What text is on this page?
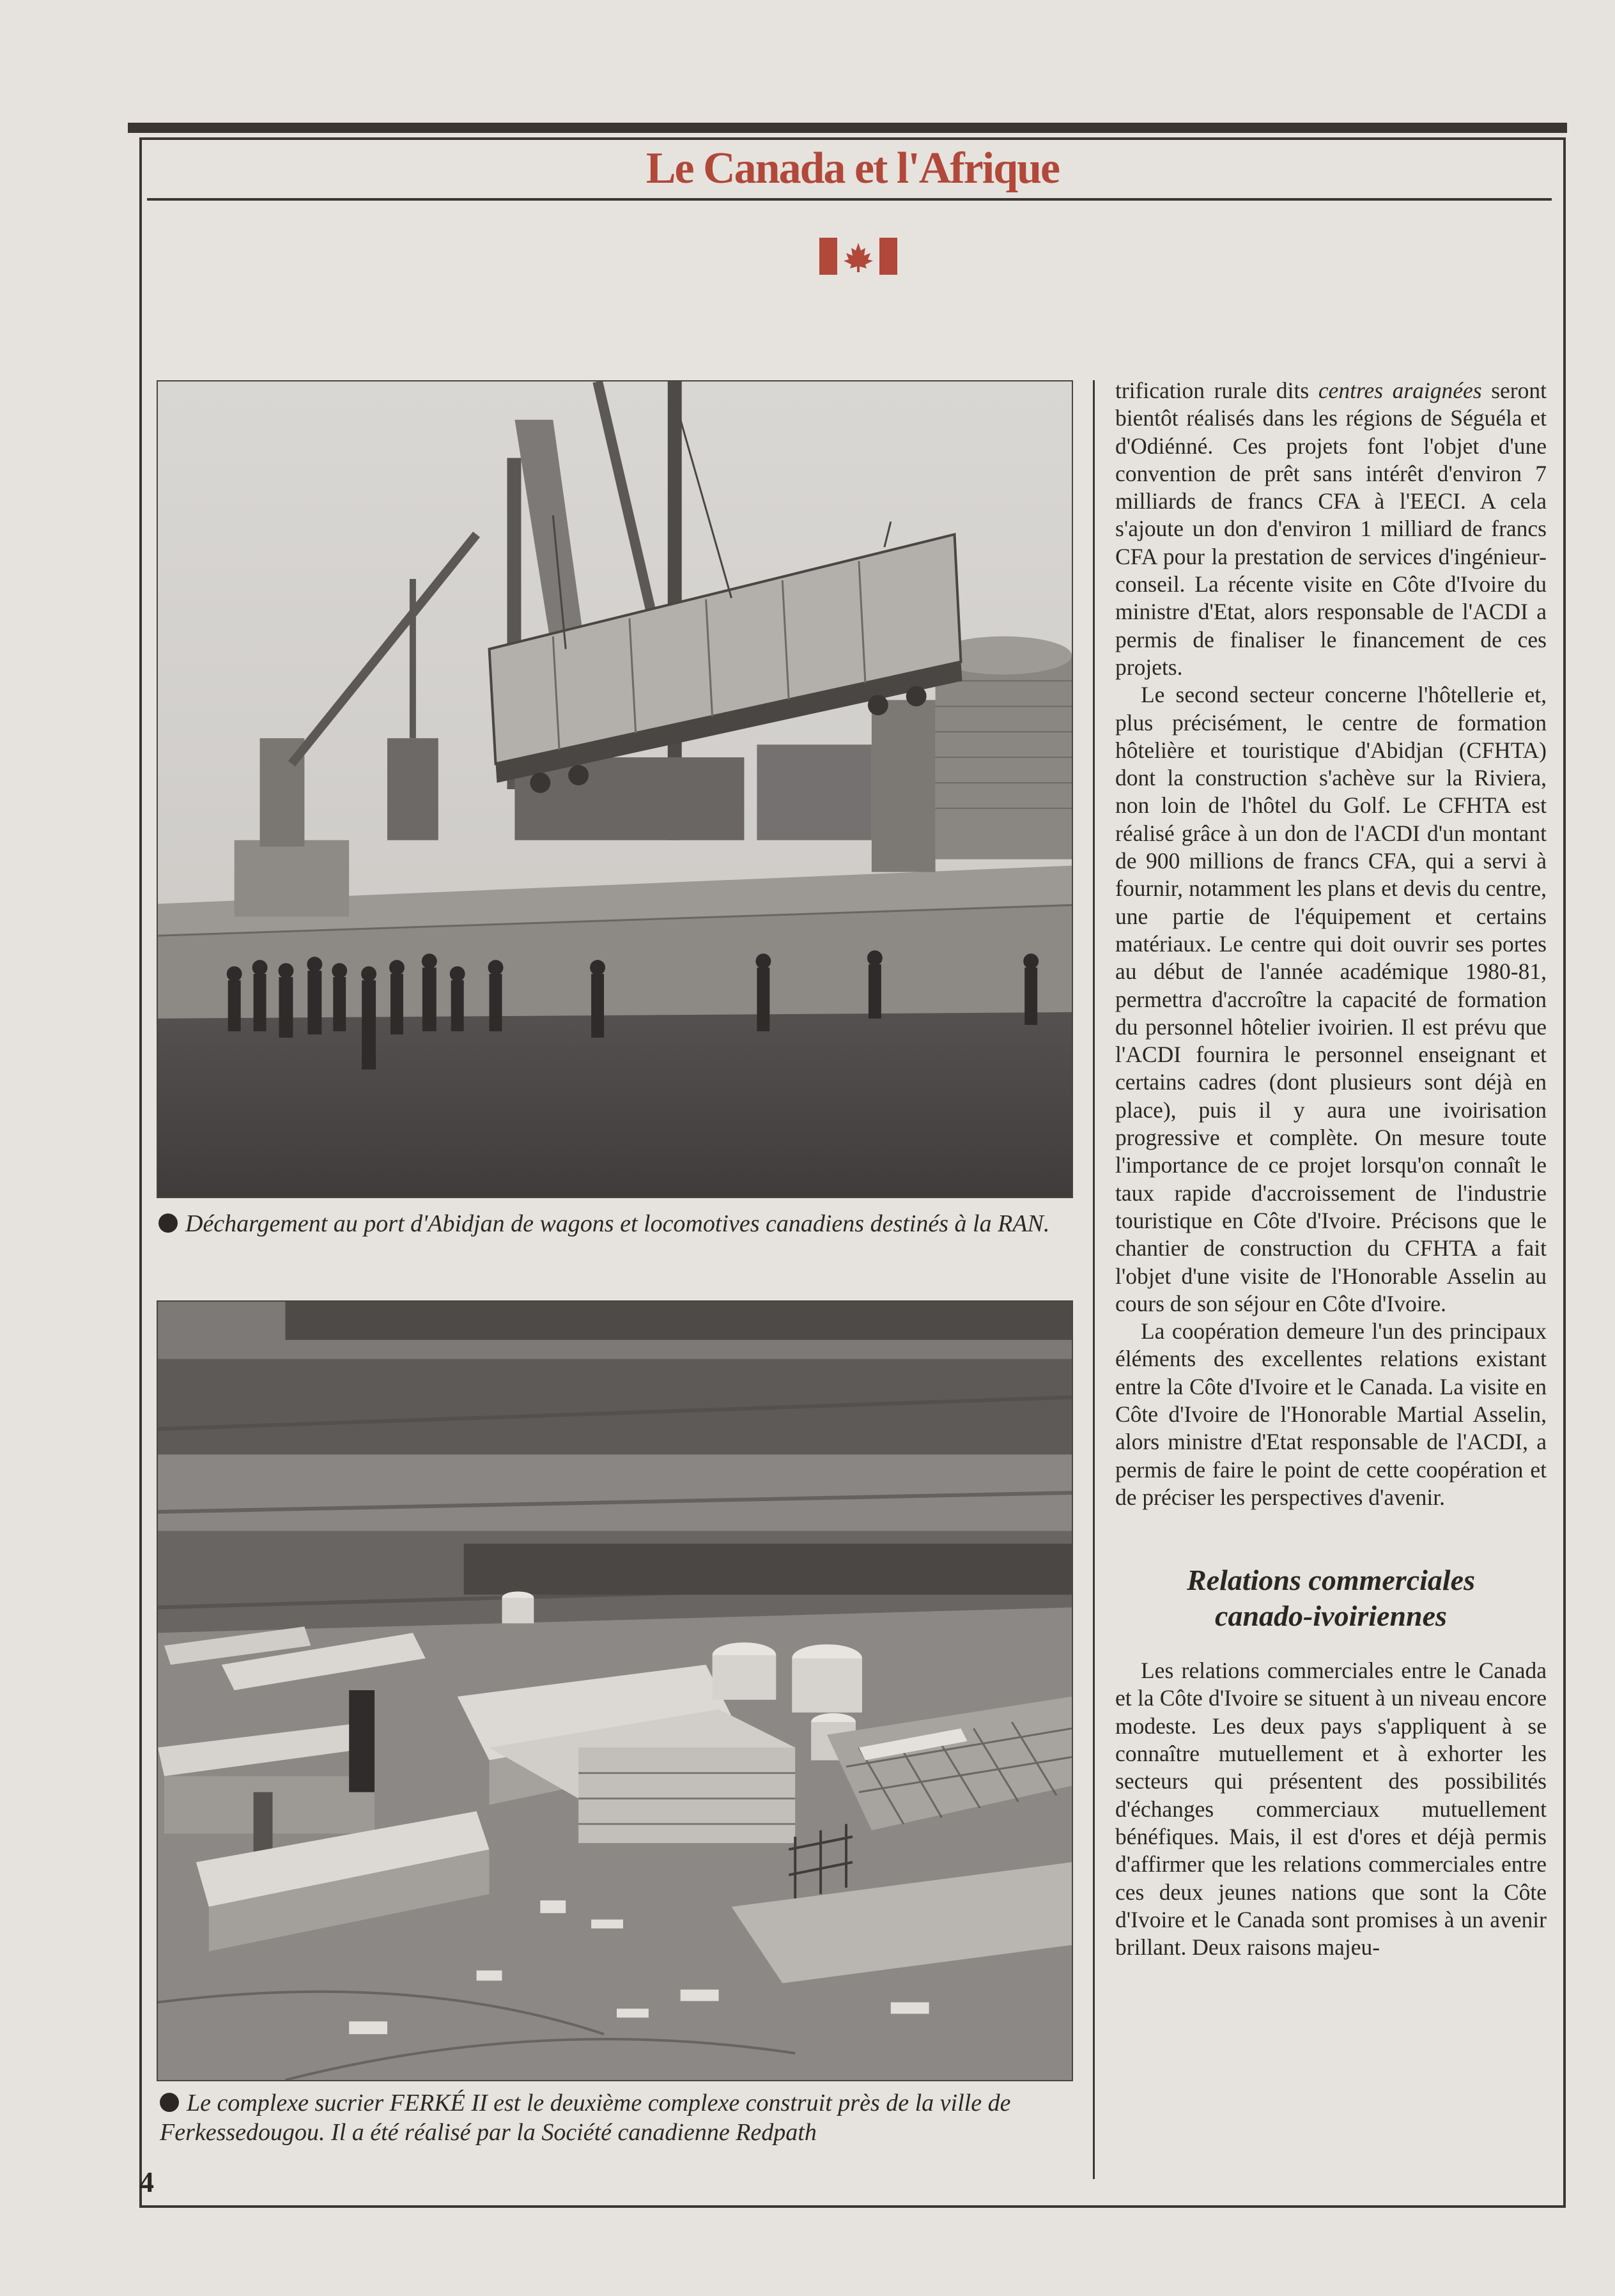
Le Canada et l'Afrique
Déchargement au port d'Abidjan de wagons et locomotives canadiens destinés à la RAN.
Le complexe sucrier FERKÉ II est le deuxième complexe construit près de la ville de Ferkessedougou. Il a été réalisé par la Société canadienne Redpath

trification rurale dits centres araignées seront bientôt réalisés dans les régions de Séguéla et d'Odiénné. Ces projets font l'objet d'une convention de prêt sans intérêt d'environ 7 milliards de francs CFA à l'EECI. A cela s'ajoute un don d'environ 1 milliard de francs CFA pour la prestation de services d'ingénieur-conseil. La récente visite en Côte d'Ivoire du ministre d'Etat, alors responsable de l'ACDI a permis de finaliser le financement de ces projets.

Le second secteur concerne l'hôtellerie et, plus précisément, le centre de formation hôtelière et touristique d'Abidjan (CFHTA) dont la construction s'achève sur la Riviera, non loin de l'hôtel du Golf. Le CFHTA est réalisé grâce à un don de l'ACDI d'un montant de 900 millions de francs CFA, qui a servi à fournir, notamment les plans et devis du centre, une partie de l'équipement et certains matériaux. Le centre qui doit ouvrir ses portes au début de l'année académique 1980-81, permettra d'accroître la capacité de formation du personnel hôtelier ivoirien. Il est prévu que l'ACDI fournira le personnel enseignant et certains cadres (dont plusieurs sont déjà en place), puis il y aura une ivoirisation progressive et complète. On mesure toute l'importance de ce projet lorsqu'on connaît le taux rapide d'accroissement de l'industrie touristique en Côte d'Ivoire. Précisons que le chantier de construction du CFHTA a fait l'objet d'une visite de l'Honorable Asselin au cours de son séjour en Côte d'Ivoire.

La coopération demeure l'un des principaux éléments des excellentes relations existant entre la Côte d'Ivoire et le Canada. La visite en Côte d'Ivoire de l'Honorable Martial Asselin, alors ministre d'Etat responsable de l'ACDI, a permis de faire le point de cette coopération et de préciser les perspectives d'avenir.

Relations commerciales
canado-ivoiriennes

Les relations commerciales entre le Canada et la Côte d'Ivoire se situent à un niveau encore modeste. Les deux pays s'appliquent à se connaître mutuellement et à exhorter les secteurs qui présentent des possibilités d'échanges commerciaux mutuellement bénéfiques. Mais, il est d'ores et déjà permis d'affirmer que les relations commerciales entre ces deux jeunes nations que sont la Côte d'Ivoire et le Canada sont promises à un avenir brillant. Deux raisons majeu-

4
